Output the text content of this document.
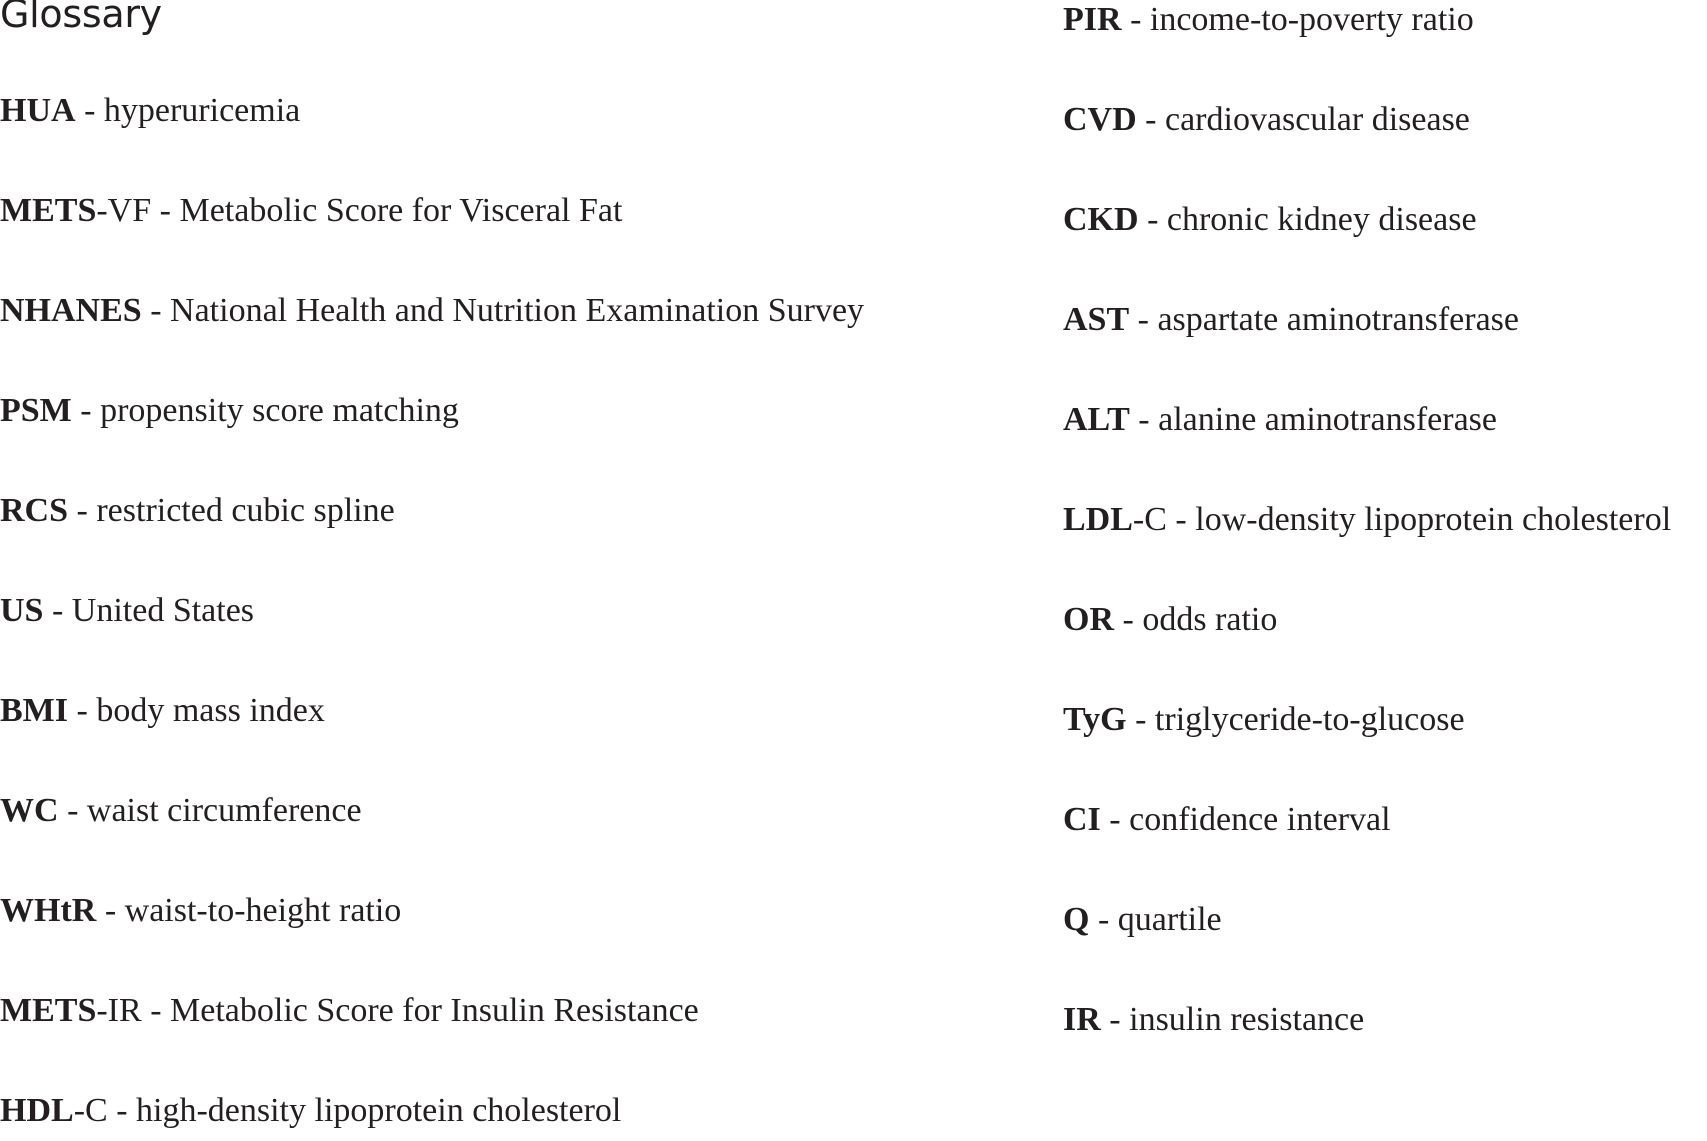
Glossary
HUA - hyperuricemia
METS-VF - Metabolic Score for Visceral Fat
NHANES - National Health and Nutrition Examination Survey
PSM - propensity score matching
RCS - restricted cubic spline
US - United States
BMI - body mass index
WC - waist circumference
WHtR - waist-to-height ratio
METS-IR - Metabolic Score for Insulin Resistance
HDL-C - high-density lipoprotein cholesterol
PIR - income-to-poverty ratio
CVD - cardiovascular disease
CKD - chronic kidney disease
AST - aspartate aminotransferase
ALT - alanine aminotransferase
LDL-C - low-density lipoprotein cholesterol
OR - odds ratio
TyG - triglyceride-to-glucose
CI - confidence interval
Q - quartile
IR - insulin resistance
